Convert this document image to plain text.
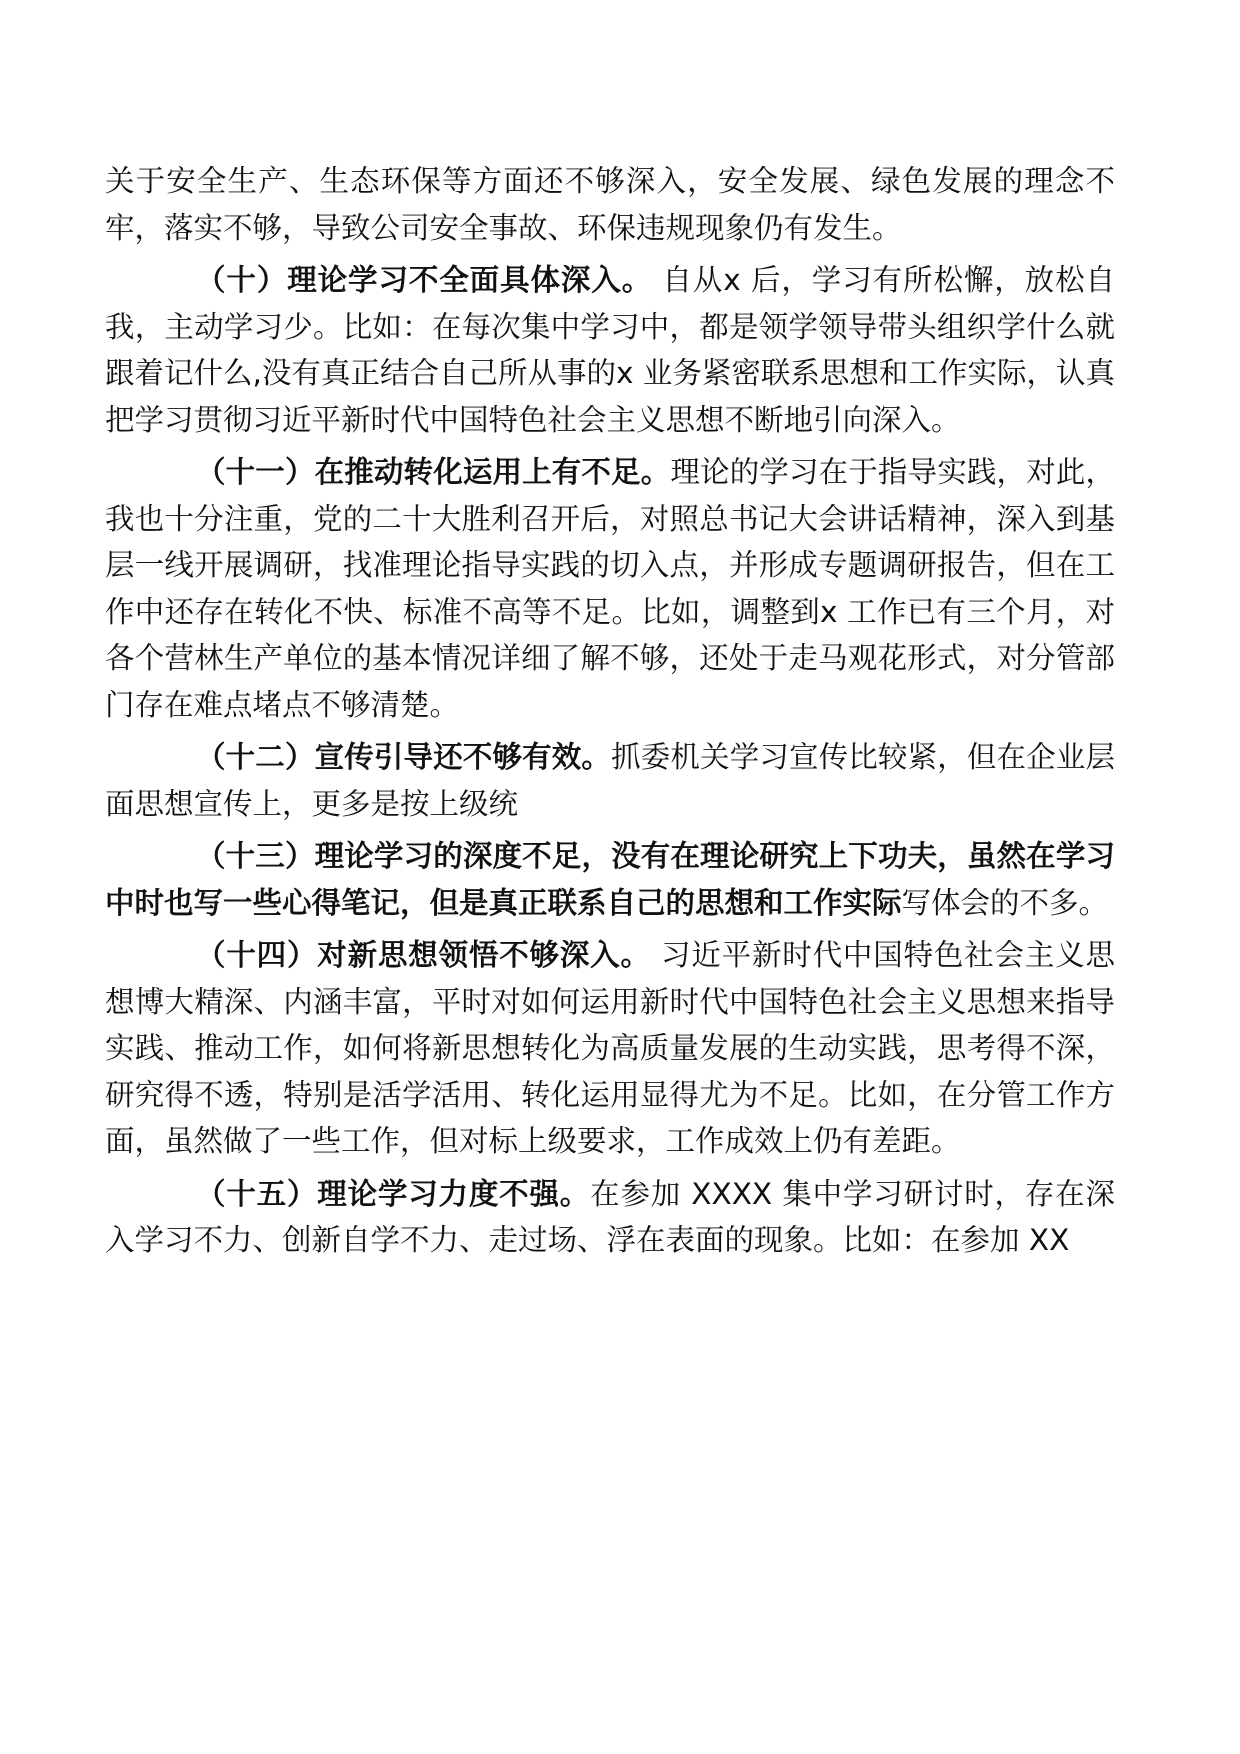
关于安全生产、生态环保等方面还不够深入，安全发展、绿色发展的理念不牢，落实不够，导致公司安全事故、环保违规现象仍有发生。

（十）理论学习不全面具体深入。 自从x 后，学习有所松懈，放松自我，主动学习少。比如：在每次集中学习中，都是领学领导带头组织学什么就跟着记什么,没有真正结合自己所从事的x 业务紧密联系思想和工作实际，认真把学习贯彻习近平新时代中国特色社会主义思想不断地引向深入。

（十一）在推动转化运用上有不足。理论的学习在于指导实践，对此，我也十分注重，党的二十大胜利召开后，对照总书记大会讲话精神，深入到基层一线开展调研，找准理论指导实践的切入点，并形成专题调研报告，但在工作中还存在转化不快、标准不高等不足。比如，调整到x 工作已有三个月，对各个营林生产单位的基本情况详细了解不够，还处于走马观花形式，对分管部门存在难点堵点不够清楚。

（十二）宣传引导还不够有效。抓委机关学习宣传比较紧，但在企业层面思想宣传上，更多是按上级统

（十三）理论学习的深度不足，没有在理论研究上下功夫，虽然在学习中时也写一些心得笔记，但是真正联系自己的思想和工作实际写体会的不多。

（十四）对新思想领悟不够深入。 习近平新时代中国特色社会主义思想博大精深、内涵丰富，平时对如何运用新时代中国特色社会主义思想来指导实践、推动工作，如何将新思想转化为高质量发展的生动实践，思考得不深，研究得不透，特别是活学活用、转化运用显得尤为不足。比如，在分管工作方面，虽然做了一些工作，但对标上级要求，工作成效上仍有差距。

（十五）理论学习力度不强。在参加 XXXX 集中学习研讨时，存在深入学习不力、创新自学不力、走过场、浮在表面的现象。比如：在参加 XX
